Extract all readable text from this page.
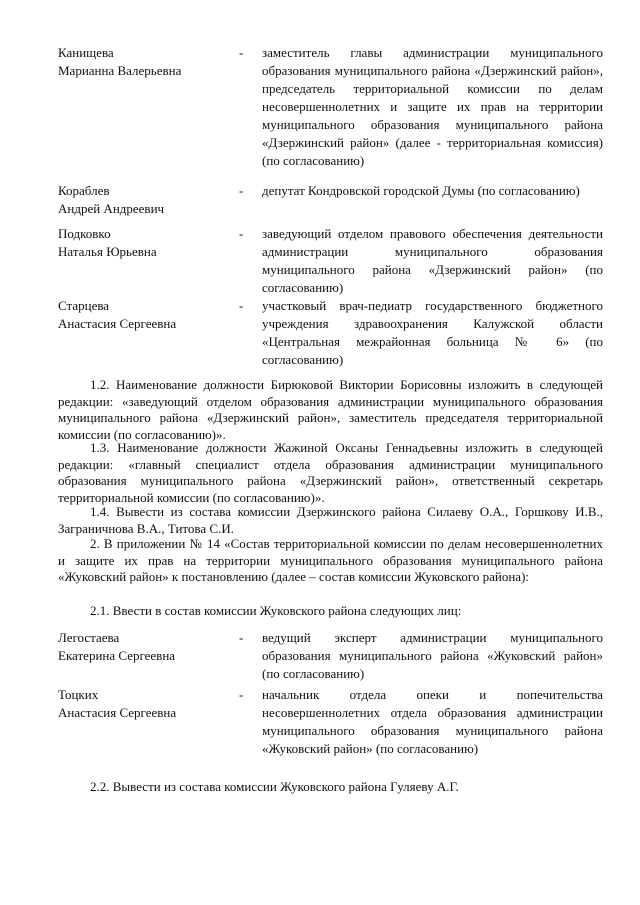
Канищева
Марианна Валерьевна
- заместитель главы администрации муниципального образования муниципального района «Дзержинский район», председатель территориальной комиссии по делам несовершеннолетних и защите их прав на территории муниципального образования муниципального района «Дзержинский район» (далее - территориальная комиссия) (по согласованию)
Кораблев
Андрей Андреевич
- депутат Кондровской городской Думы (по согласованию)
Подковко
Наталья Юрьевна
- заведующий отделом правового обеспечения деятельности администрации муниципального образования муниципального района «Дзержинский район» (по согласованию)
Старцева
Анастасия Сергеевна
- участковый врач-педиатр государственного бюджетного учреждения здравоохранения Калужской области «Центральная межрайонная больница № 6» (по согласованию)
1.2. Наименование должности Бирюковой Виктории Борисовны изложить в следующей редакции: «заведующий отделом образования администрации муниципального образования муниципального района «Дзержинский район», заместитель председателя территориальной комиссии (по согласованию)».
1.3. Наименование должности Жажиной Оксаны Геннадьевны изложить в следующей редакции: «главный специалист отдела образования администрации муниципального образования муниципального района «Дзержинский район», ответственный секретарь территориальной комиссии (по согласованию)».
1.4. Вывести из состава комиссии Дзержинского района Силаеву О.А., Горшкову И.В., Заграничнова В.А., Титова С.И.
2. В приложении № 14 «Состав территориальной комиссии по делам несовершеннолетних и защите их прав на территории муниципального образования муниципального района «Жуковский район» к постановлению (далее – состав комиссии Жуковского района):
2.1. Ввести в состав комиссии Жуковского района следующих лиц:
Легостаева
Екатерина Сергеевна
- ведущий эксперт администрации муниципального образования муниципального района «Жуковский район» (по согласованию)
Тоцких
Анастасия Сергеевна
- начальник отдела опеки и попечительства несовершеннолетних отдела образования администрации муниципального образования муниципального района «Жуковский район» (по согласованию)
2.2. Вывести из состава комиссии Жуковского района Гуляеву А.Г.
